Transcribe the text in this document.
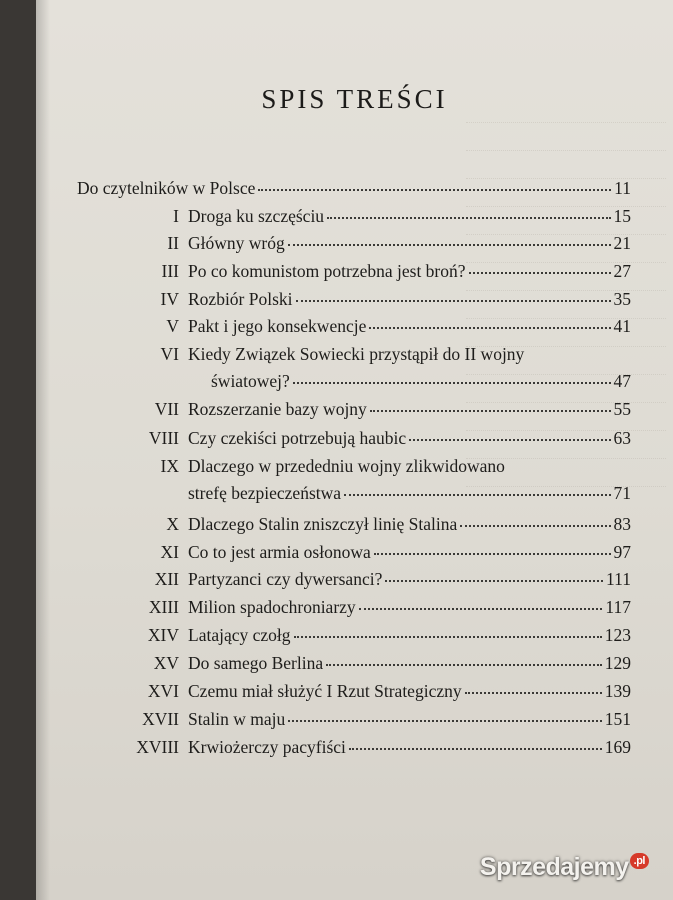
SPIS TREŚCI
Do czytelników w Polsce	11
I Droga ku szczęściu	15
II Główny wróg	21
III Po co komunistom potrzebna jest broń?	27
IV Rozbiór Polski	35
V Pakt i jego konsekwencje	41
VI Kiedy Związek Sowiecki przystąpił do II wojny
światowej?	47
VII Rozszerzanie bazy wojny	55
VIII Czy czekiści potrzebują haubic	63
IX Dlaczego w przededniu wojny zlikwidowano
strefę bezpieczeństwa	71
X Dlaczego Stalin zniszczył linię Stalina	83
XI Co to jest armia osłonowa	97
XII Partyzanci czy dywersanci?	111
XIII Milion spadochroniarzy	117
XIV Latający czołg	123
XV Do samego Berlina	129
XVI Czemu miał służyć I Rzut Strategiczny	139
XVII Stalin w maju	151
XVIII Krwiożerczy pacyfiści	169
Sprzedajemy .pl
